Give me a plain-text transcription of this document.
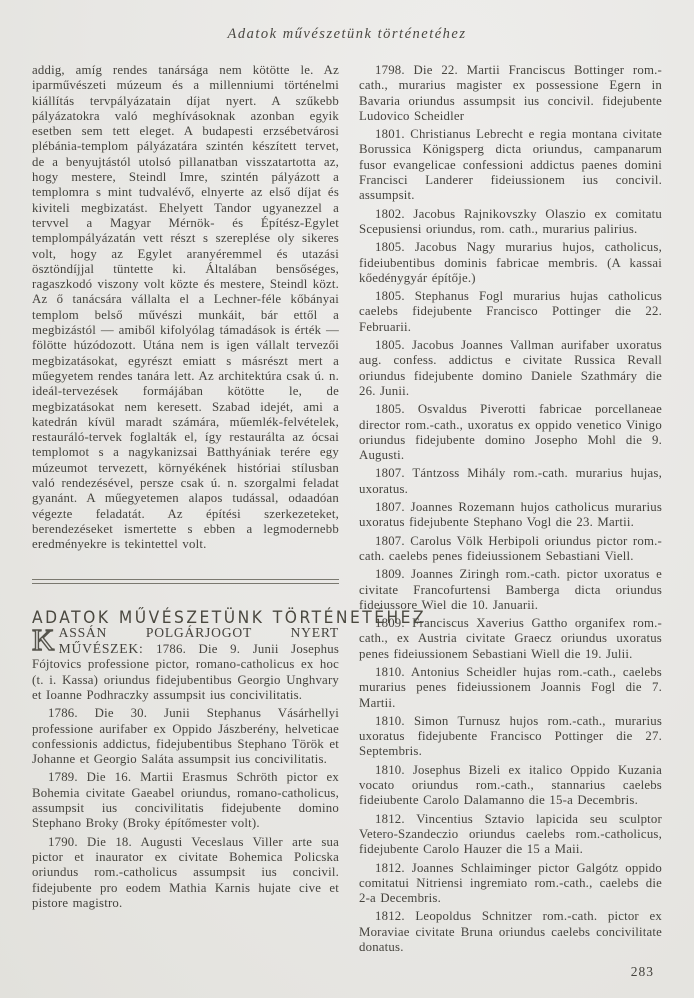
Adatok művészetünk történetéhez

addig, amíg rendes tanársága nem kötötte le. Az iparművészeti múzeum és a millenniumi történelmi kiállítás tervpályázatain díjat nyert. A szűkebb pályázatokra való meghívásoknak azonban egyik esetben sem tett eleget. A budapesti erzsébetvárosi plébánia-templom pályázatára szintén készített tervet, de a benyujtástól utolsó pillanatban visszatartotta az, hogy mestere, Steindl Imre, szintén pályázott a templomra s mint tudvalévő, elnyerte az első díjat és kiviteli megbizatást. Ehelyett Tandor ugyanezzel a tervvel a Magyar Mérnök- és Építész-Egylet templompályázatán vett részt s szereplése oly sikeres volt, hogy az Egylet aranyéremmel és utazási ösztöndíjjal tüntette ki. Általában bensőséges, ragaszkodó viszony volt közte és mestere, Steindl közt. Az ő tanácsára vállalta el a Lechner-féle kőbányai templom belső művészi munkáit, bár ettől a megbizástól — amiből kifolyólag támadások is érték — fölötte húzódozott. Utána nem is igen vállalt tervezői megbizatásokat, egyrészt emiatt s másrészt mert a műegyetem rendes tanára lett. Az architektúra csak ú. n. ideál-tervezések formájában kötötte le, de megbizatásokat nem keresett. Szabad idejét, ami a katedrán kívül maradt számára, műemlék-felvételek, restauráló-tervek foglalták el, így restaurálta az ócsai templomot s a nagykanizsai Batthyániak terére egy múzeumot tervezett, környékének históriai stílusban való rendezésével, persze csak ú. n. szorgalmi feladat gyanánt. A műegyetemen alapos tudással, odaadóan végezte feladatát. Az építési szerkezeteket, berendezéseket ismertette s ebben a legmodernebb eredményekre is tekintettel volt.

ADATOK MŰVÉSZETÜNK TÖRTÉNETÉHEZ

KASSÁN POLGÁRJOGOT NYERT MŰVÉSZEK: 1786. Die 9. Junii Josephus Fójtovics professione pictor, romano-catholicus ex hoc (t. i. Kassa) oriundus fidejubentibus Georgio Unghvary et Ioanne Podhraczky assumpsit ius concivilitatis.

1786. Die 30. Junii Stephanus Vásárhellyi professione aurifaber ex Oppido Jászberény, helveticae confessionis addictus, fidejubentibus Stephano Török et Johanne et Georgio Saláta assumpsit ius concivilitatis.

1789. Die 16. Martii Erasmus Schröth pictor ex Bohemia civitate Gaeabel oriundus, romano-catholicus, assumpsit ius concivilitatis fidejubente domino Stephano Broky (Broky építőmester volt).

1790. Die 18. Augusti Veceslaus Viller arte sua pictor et inaurator ex civitate Bohemica Policska oriundus rom.-catholicus assumpsit ius concivil. fidejubente pro eodem Mathia Karnis hujate cive et pistore magistro.

1798. Die 22. Martii Franciscus Bottinger rom.-cath., murarius magister ex possessione Egern in Bavaria oriundus assumpsit ius concivil. fidejubente Ludovico Scheidler

1801. Christianus Lebrecht e regia montana civitate Borussica Königsperg dicta oriundus, campanarum fusor evangelicae confessioni addictus paenes domini Francisci Landerer fideiussionem ius concivil. assumpsit.

1802. Jacobus Rajnikovszky Olaszio ex comitatu Scepusiensi oriundus, rom. cath., murarius palirius.

1805. Jacobus Nagy murarius hujos, catholicus, fideiubentibus dominis fabricae membris. (A kassai kőedénygyár építője.)

1805. Stephanus Fogl murarius hujas catholicus caelebs fidejubente Francisco Pottinger die 22. Februarii.

1805. Jacobus Joannes Vallman aurifaber uxoratus aug. confess. addictus e civitate Russica Revall oriundus fidejubente domino Daniele Szathmáry die 26. Junii.

1805. Osvaldus Piverotti fabricae porcellaneae director rom.-cath., uxoratus ex oppido venetico Vinigo oriundus fidejubente domino Josepho Mohl die 9. Augusti.

1807. Tántzoss Mihály rom.-cath. murarius hujas, uxoratus.

1807. Joannes Rozemann hujos catholicus murarius uxoratus fidejubente Stephano Vogl die 23. Martii.

1807. Carolus Völk Herbipoli oriundus pictor rom.-cath. caelebs penes fideiussionem Sebastiani Viell.

1809. Joannes Ziringh rom.-cath. pictor uxoratus e civitate Francofurtensi Bamberga dicta oriundus fideiussore Wiel die 10. Januarii.

1809. Franciscus Xaverius Gattho organifex rom.-cath., ex Austria civitate Graecz oriundus uxoratus penes fideiussionem Sebastiani Wiell die 19. Julii.

1810. Antonius Scheidler hujas rom.-cath., caelebs murarius penes fideiussionem Joannis Fogl die 7. Martii.

1810. Simon Turnusz hujos rom.-cath., murarius uxoratus fidejubente Francisco Pottinger die 27. Septembris.

1810. Josephus Bizeli ex italico Oppido Kuzania vocato oriundus rom.-cath., stannarius caelebs fideiubente Carolo Dalamanno die 15-a Decembris.

1812. Vincentius Sztavio lapicida seu sculptor Vetero-Szandeczio oriundus caelebs rom.-catholicus, fidejubente Carolo Hauzer die 15 a Maii.

1812. Joannes Schlaiminger pictor Galgótz oppido comitatui Nitriensi ingremiato rom.-cath., caelebs die 2-a Decembris.

1812. Leopoldus Schnitzer rom.-cath. pictor ex Moraviae civitate Bruna oriundus caelebs concivilitate donatus.

283
